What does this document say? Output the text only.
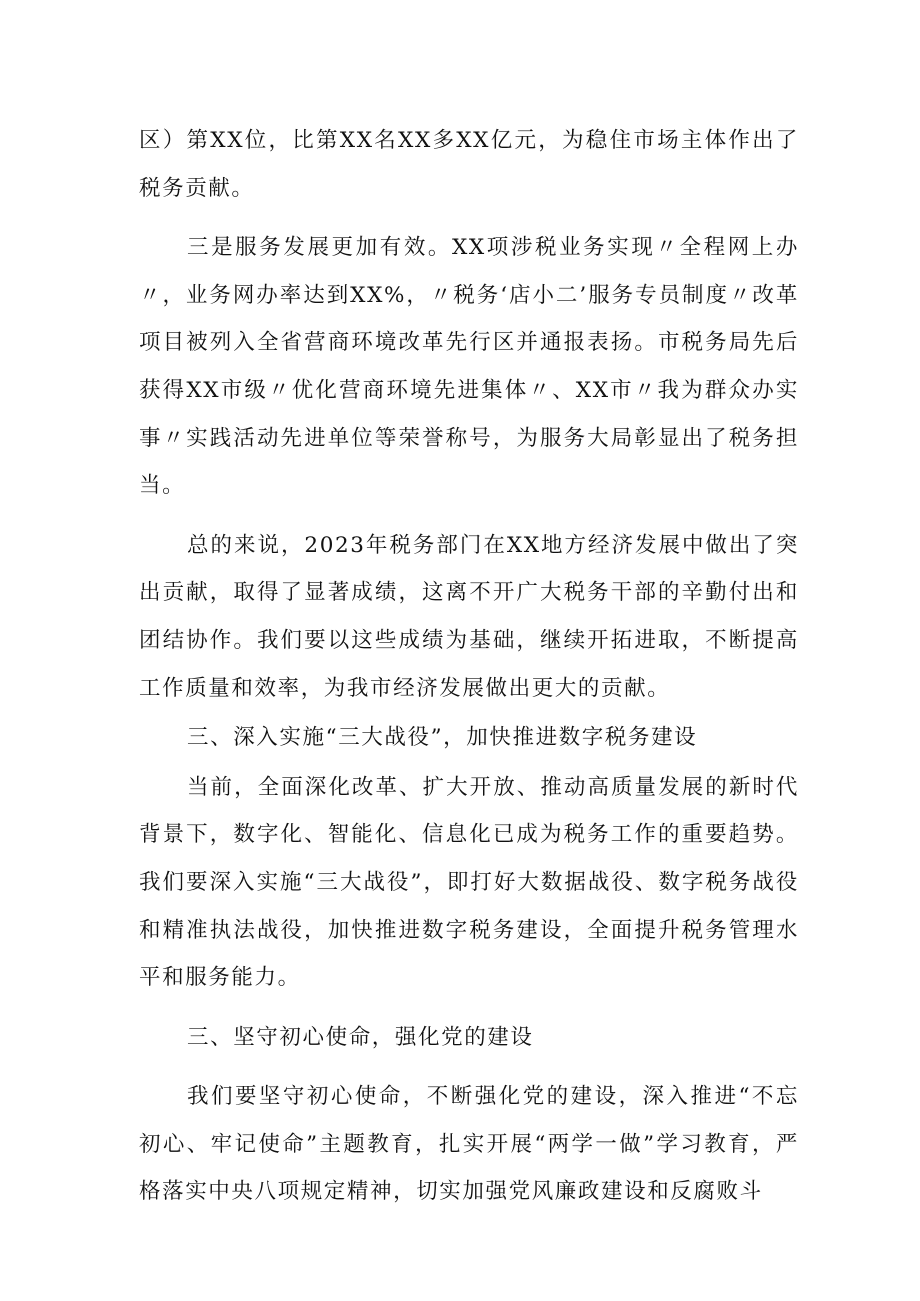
区）第XX位，比第XX名XX多XX亿元，为稳住市场主体作出了税务贡献。

三是服务发展更加有效。XX项涉税业务实现〃全程网上办〃，业务网办率达到XX%，〃税务‘店小二’服务专员制度〃改革项目被列入全省营商环境改革先行区并通报表扬。市税务局先后获得XX市级〃优化营商环境先进集体〃、XX市〃我为群众办实事〃实践活动先进单位等荣誉称号，为服务大局彰显出了税务担当。

总的来说，2023年税务部门在XX地方经济发展中做出了突出贡献，取得了显著成绩，这离不开广大税务干部的辛勤付出和团结协作。我们要以这些成绩为基础，继续开拓进取，不断提高工作质量和效率，为我市经济发展做出更大的贡献。

三、深入实施“三大战役”，加快推进数字税务建设

当前，全面深化改革、扩大开放、推动高质量发展的新时代背景下，数字化、智能化、信息化已成为税务工作的重要趋势。我们要深入实施“三大战役”，即打好大数据战役、数字税务战役和精准执法战役，加快推进数字税务建设，全面提升税务管理水平和服务能力。

三、坚守初心使命，强化党的建设

我们要坚守初心使命，不断强化党的建设，深入推进“不忘初心、牢记使命”主题教育，扎实开展“两学一做”学习教育，严格落实中央八项规定精神，切实加强党风廉政建设和反腐败斗
